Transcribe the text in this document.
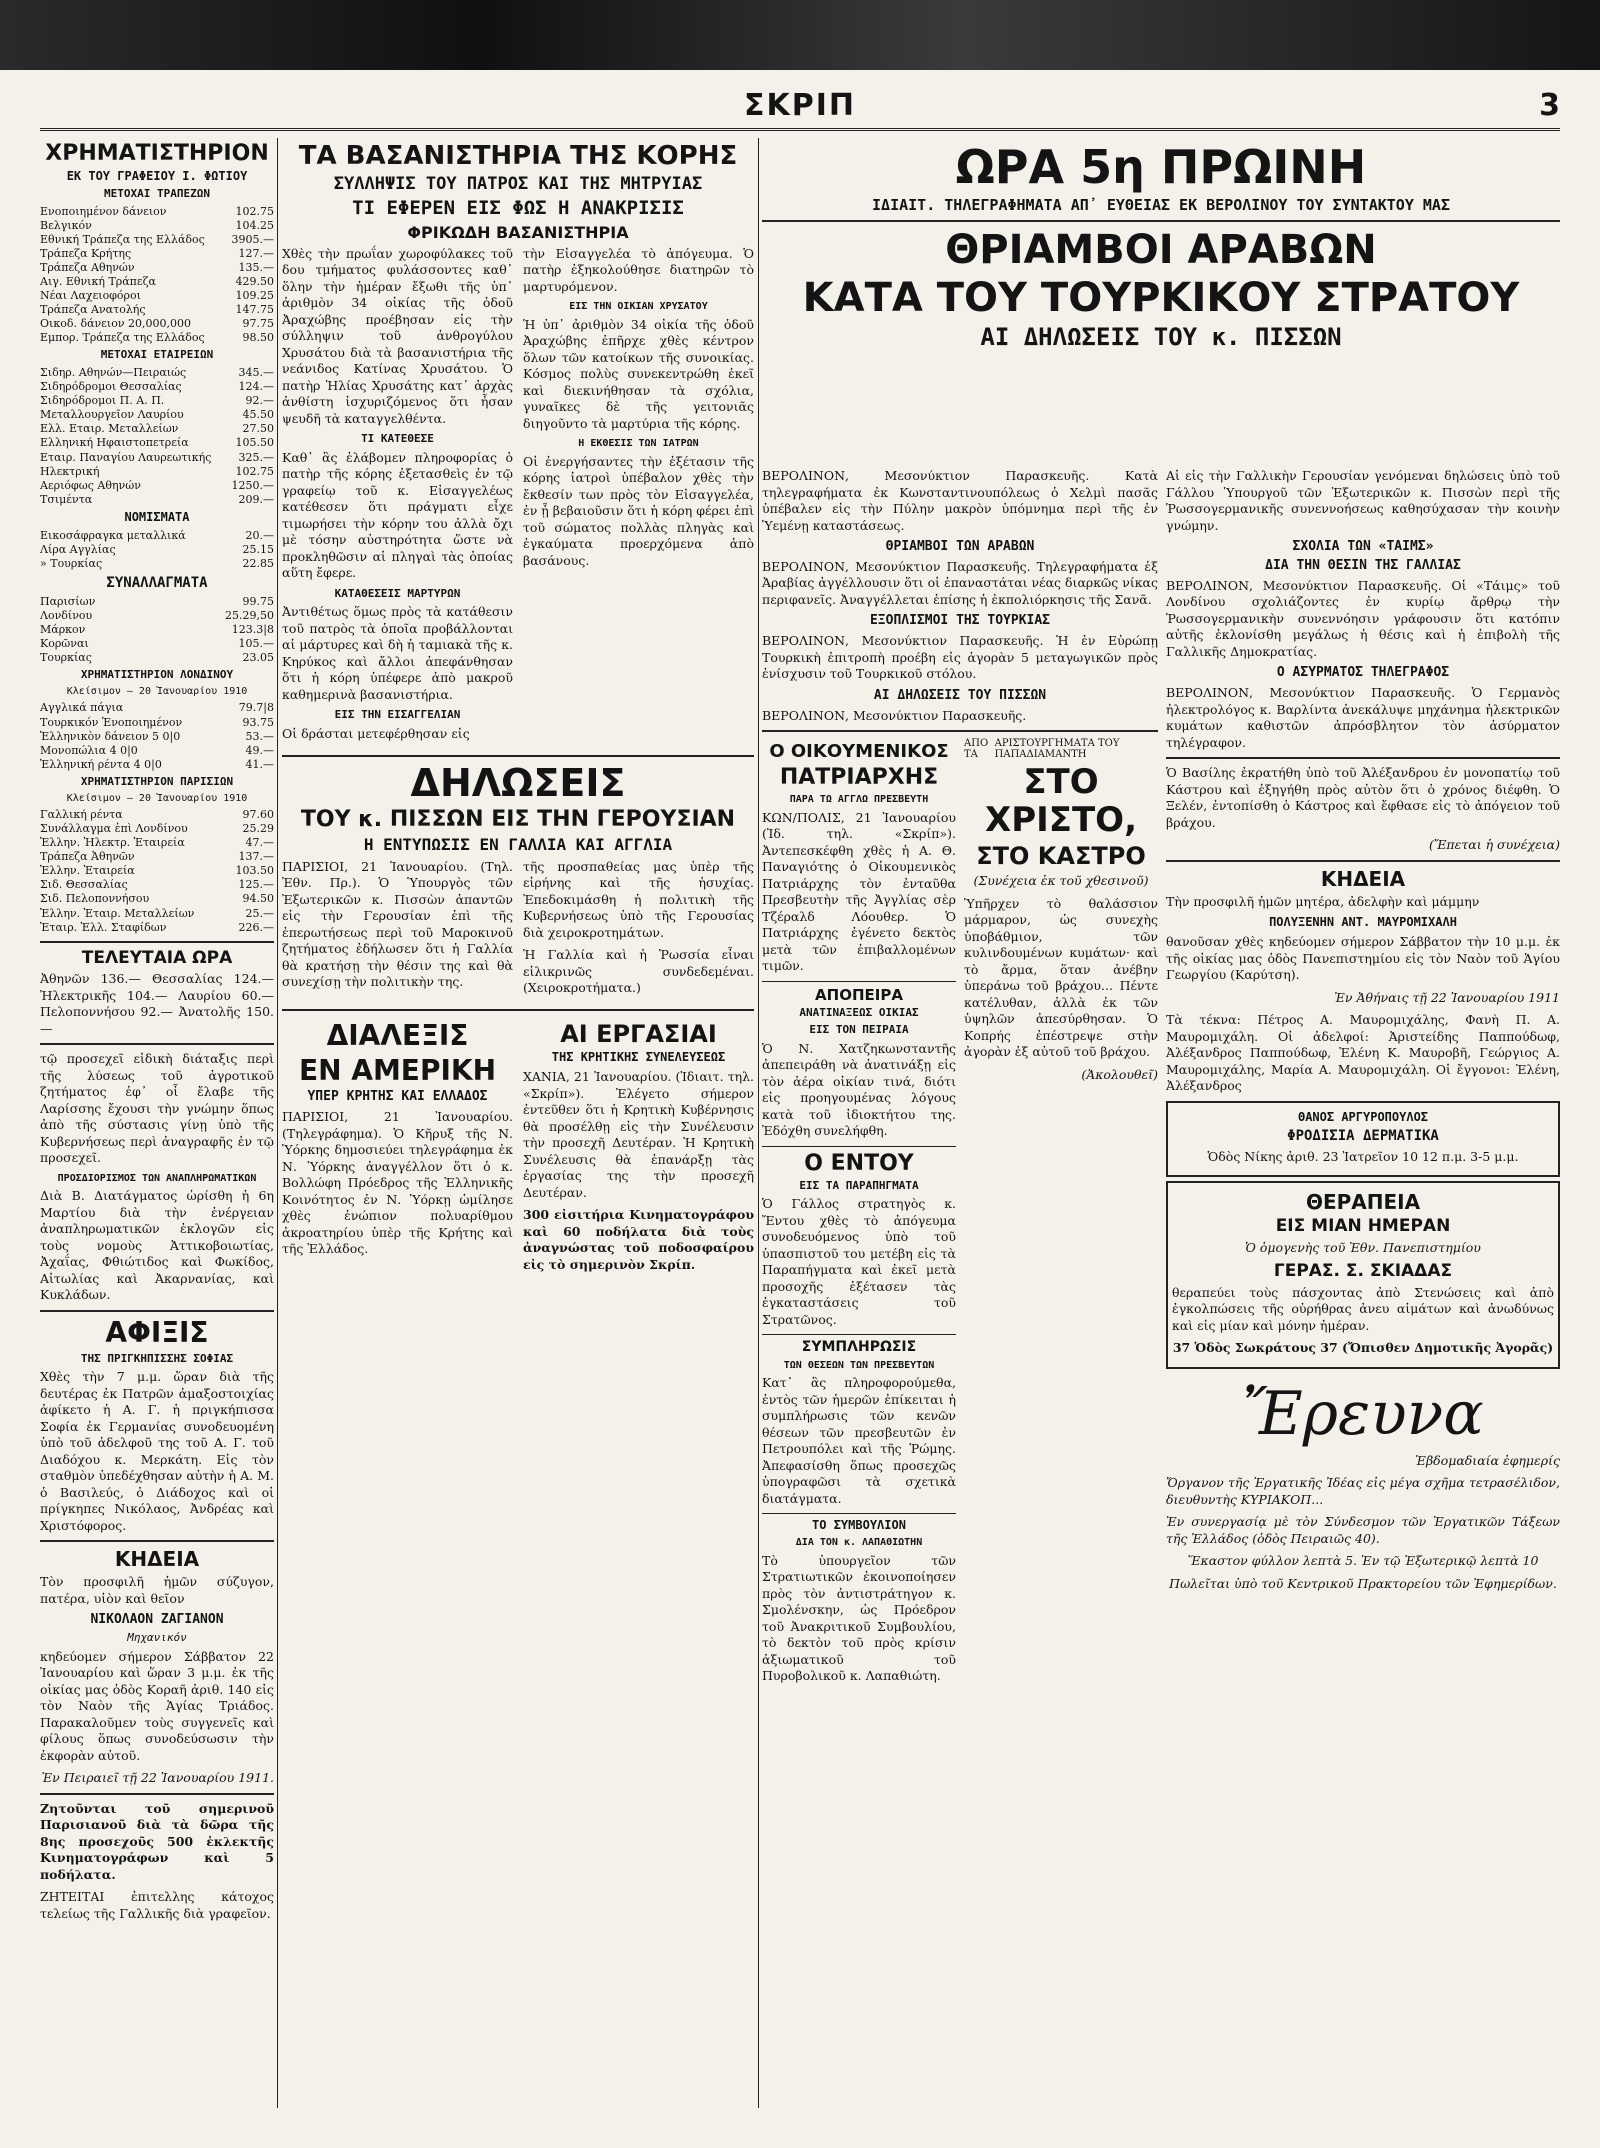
ΣΚΡΙΠ	3
ΧΡΗΜΑΤΙΣΤΗΡΙΟΝ
ΕΚ ΤΟΥ ΓΡΑΦΕΙΟΥ Ι. ΦΩΤΙΟΥ
ΜΕΤΟΧΑΙ ΤΡΑΠΕΖΩΝ
Ενοποιημένον δάνειον	102.75
Βελγικόν	104.25
Εθνική Τράπεζα της Ελλάδος	3905.—
Τράπεζα Κρήτης	127.—
Τράπεζα Αθηνών	135.—
Αιγ. Εθνική Τράπεζα	429.50
Νέαι Λαχειοφόροι	109.25
Τράπεζα Ανατολής	147.75
Οικοδ. δάνειον 20,000,000	97.75
Εμπορ. Τράπεζα της Ελλάδος	98.50
ΜΕΤΟΧΑΙ ΕΤΑΙΡΕΙΩΝ
Σιδηρ. Αθηνών—Πειραιώς	345.—
Σιδηρόδρομοι Θεσσαλίας	124.—
Σιδηρόδρομοι Π. Α. Π.	92.—
Μεταλλουργεῖον Λαυρίου	45.50
Ελλ. Εταιρ. Μεταλλείων	27.50
Ελληνική Ηφαιστοπετρεία	105.50
Εταιρ. Παναγίου Λαυρεωτικής	325.—
Ηλεκτρική	102.75
Αεριόφως Αθηνών	1250.—
Τσιμέντα	209.—
ΝΟΜΙΣΜΑΤΑ
Εικοσάφραγκα μεταλλικά	20.—
Λίρα Αγγλίας	25.15
» Τουρκίας	22.85
ΣΥΝΑΛΛΑΓΜΑΤΑ
Παρισίων	99.75
Λονδίνου	25.29,50
Μάρκον	123.3|8
Κορῶναι	105.—
Τουρκίας	23.05
ΧΡΗΜΑΤΙΣΤΗΡΙΟΝ ΛΟΝΔΙΝΟΥ
Κλείσιμον — 20 Ἰανουαρίου 1910
Αγγλικά πάγια	79.7|8
Τουρκικόν Ἑνοποιημένον	93.75
Ἑλληνικὸν δάνειον 5 0|0	53.—
Μονοπώλια 4 0|0	49.—
Ἑλληνική ρέντα 4 0|0	41.—
ΧΡΗΜΑΤΙΣΤΗΡΙΟΝ ΠΑΡΙΣΙΩΝ
Κλείσιμον — 20 Ἰανουαρίου 1910
Γαλλική ρέντα	97.60
Συνάλλαγμα ἐπὶ Λονδίνου	25.29
Ἐλλην. Ἠλεκτρ. Ἐταιρεία	47.—
Τράπεζα Ἀθηνῶν	137.—
Ἐλλην. Ἐταιρεία	103.50
Σιδ. Θεσσαλίας	125.—
Σιδ. Πελοποννήσου	94.50
Ἐλλην. Ἐταιρ. Μεταλλείων	25.—
Ἐταιρ. Ἑλλ. Σταφίδων	226.—
ΤΕΛΕΥΤΑΙΑ ΩΡΑ

Ἀθηνῶν 136.— Θεσσαλίας 124.— Ἠλεκτρικῆς 104.— Λαυρίου 60.— Πελοποννήσου 92.— Ἀνατολῆς 150.—

τῷ προσεχεῖ εἰδικὴ διάταξις περὶ τῆς λύσεως τοῦ ἀγροτικοῦ ζητήματος ἐφ᾿ οἷ ἔλαβε τῆς Λαρίσσης ἔχουσι τὴν γνώμην ὅπως ἀπὸ τῆς σύστασις γίνῃ ὑπὸ τῆς Κυβερνήσεως περὶ ἀναγραφῆς ἐν τῷ προσεχεῖ.

ΠΡΟΣΔΙΟΡΙΣΜΟΣ ΤΩΝ ΑΝΑΠΛΗΡΩΜΑΤΙΚΩΝ

Διὰ Β. Διατάγματος ὡρίσθη ἡ 6η Μαρτίου διὰ τὴν ἐνέργειαν ἀναπληρωματικῶν ἐκλογῶν εἰς τοὺς νομοὺς Ἀττικοβοιωτίας, Ἀχαΐας, Φθιώτιδος καὶ Φωκίδος, Αἰτωλίας καὶ Ἀκαρνανίας, καὶ Κυκλάδων.

ΑΦΙΞΙΣ
ΤΗΣ ΠΡΙΓΚΗΠΙΣΣΗΣ ΣΟΦΙΑΣ

Χθὲς τὴν 7 μ.μ. ὥραν διὰ τῆς δευτέρας ἐκ Πατρῶν ἀμαξοστοιχίας ἀφίκετο ἡ Α. Γ. ἡ πριγκήπισσα Σοφία ἐκ Γερμανίας συνοδευομένη ὑπὸ τοῦ ἀδελφοῦ της τοῦ Α. Γ. τοῦ Διαδόχου κ. Μερκάτη. Εἰς τὸν σταθμὸν ὑπεδέχθησαν αὐτὴν ἡ Α. Μ. ὁ Βασιλεύς, ὁ Διάδοχος καὶ οἱ πρίγκηπες Νικόλαος, Ἀνδρέας καὶ Χριστόφορος.

ΚΗΔΕΙΑ

Τὸν προσφιλῆ ἡμῶν σύζυγον, πατέρα, υἱὸν καὶ θεῖον

ΝΙΚΟΛΑΟΝ ΖΑΓΙΑΝΟΝ
Μηχανικόν

κηδεύομεν σήμερον Σάββατον 22 Ἰανουαρίου καὶ ὥραν 3 μ.μ. ἐκ τῆς οἰκίας μας ὁδὸς Κοραῆ ἀριθ. 140 εἰς τὸν Ναὸν τῆς Ἁγίας Τριάδος. Παρακαλοῦμεν τοὺς συγγενεῖς καὶ φίλους ὅπως συνοδεύσωσιν τὴν ἐκφορὰν αὐτοῦ.

Ἐν Πειραιεῖ τῇ 22 Ἰανουαρίου 1911.

Ζητοῦνται τοῦ σημερινοῦ Παρισιανοῦ διὰ τὰ δῶρα τῆς 8ης προσεχοῦς 500 ἐκλεκτῆς Κινηματογράφων καὶ 5 ποδήλατα.

ΖΗΤΕΙΤΑΙ ἐπιτελλης κάτοχος τελείως τῆς Γαλλικῆς διὰ γραφεῖον.

ΤΑ ΒΑΣΑΝΙΣΤΗΡΙΑ ΤΗΣ ΚΟΡΗΣ
ΣΥΛΛΗΨΙΣ ΤΟΥ ΠΑΤΡΟΣ ΚΑΙ ΤΗΣ ΜΗΤΡΥΙΑΣ
ΤΙ ΕΦΕΡΕΝ ΕΙΣ ΦΩΣ Η ΑΝΑΚΡΙΣΙΣ
ΦΡΙΚΩΔΗ ΒΑΣΑΝΙΣΤΗΡΙΑ

Χθὲς τὴν πρωΐαν χωροφύλακες τοῦ δου τμήματος φυλάσσοντες καθ᾿ ὅλην τὴν ἡμέραν ἔξωθι τῆς ὑπ᾿ ἀριθμὸν 34 οἰκίας τῆς ὁδοῦ Ἀραχώβης προέβησαν εἰς τὴν σύλληψιν τοῦ ἀνθρογύλου Χρυσάτου διὰ τὰ βασανιστήρια τῆς νεάνιδος Κατίνας Χρυσάτου. Ὁ πατὴρ Ἠλίας Χρυσάτης κατ᾿ ἀρχὰς ἀνθίστη ἰσχυριζόμενος ὅτι ἦσαν ψευδῆ τὰ καταγγελθέντα.

ΤΙ ΚΑΤΕΘΕΣΕ

Καθ᾿ ἃς ἐλάβομεν πληροφορίας ὁ πατὴρ τῆς κόρης ἐξετασθεὶς ἐν τῷ γραφείῳ τοῦ κ. Εἰσαγγελέως κατέθεσεν ὅτι πράγματι εἶχε τιμωρήσει τὴν κόρην του ἀλλὰ ὄχι μὲ τόσην αὐστηρότητα ὥστε νὰ προκληθῶσιν αἱ πληγαὶ τὰς ὁποίας αὕτη ἔφερε.

ΚΑΤΑΘΕΣΕΙΣ ΜΑΡΤΥΡΩΝ

Ἀντιθέτως ὅμως πρὸς τὰ κατάθεσιν τοῦ πατρὸς τὰ ὁποῖα προβάλλονται αἱ μάρτυρες καὶ δὴ ἡ ταμιακὰ τῆς κ. Κηρύκος καὶ ἄλλοι ἀπεφάνθησαν ὅτι ἡ κόρη ὑπέφερε ἀπὸ μακροῦ καθημερινὰ βασανιστήρια.

ΕΙΣ ΤΗΝ ΕΙΣΑΓΓΕΛΙΑΝ

Οἱ δράσται μετεφέρθησαν εἰς

τὴν Εἰσαγγελέα τὸ ἀπόγευμα. Ὁ πατὴρ ἐξηκολούθησε διατηρῶν τὸ μαρτυρόμενον.

ΕΙΣ ΤΗΝ ΟΙΚΙΑΝ ΧΡΥΣΑΤΟΥ

Ἡ ὑπ᾿ ἀριθμὸν 34 οἰκία τῆς ὁδοῦ Ἀραχώβης ἐπῆρχε χθὲς κέντρον ὅλων τῶν κατοίκων τῆς συνοικίας. Κόσμος πολὺς συνεκεντρώθη ἐκεῖ καὶ διεκινήθησαν τὰ σχόλια, γυναῖκες δὲ τῆς γειτονιᾶς διηγοῦντο τὰ μαρτύρια τῆς κόρης.

Η ΕΚΘΕΣΙΣ ΤΩΝ ΙΑΤΡΩΝ

Οἱ ἐνεργήσαντες τὴν ἐξέτασιν τῆς κόρης ἰατροὶ ὑπέβαλον χθὲς τὴν ἔκθεσίν των πρὸς τὸν Εἰσαγγελέα, ἐν ᾗ βεβαιοῦσιν ὅτι ἡ κόρη φέρει ἐπὶ τοῦ σώματος πολλὰς πληγὰς καὶ ἐγκαύματα προερχόμενα ἀπὸ βασάνους.

ΔΗΛΩΣΕΙΣ
ΤΟΥ κ. ΠΙΣΣΩΝ ΕΙΣ ΤΗΝ ΓΕΡΟΥΣΙΑΝ
Η ΕΝΤΥΠΩΣΙΣ ΕΝ ΓΑΛΛΙΑ ΚΑΙ ΑΓΓΛΙΑ

ΠΑΡΙΣΙΟΙ, 21 Ἰανουαρίου. (Τηλ. Ἐθν. Πρ.). Ὁ Ὑπουργὸς τῶν Ἐξωτερικῶν κ. Πισσὼν ἀπαντῶν εἰς τὴν Γερουσίαν ἐπὶ τῆς ἐπερωτήσεως περὶ τοῦ Μαροκινοῦ ζητήματος ἐδήλωσεν ὅτι ἡ Γαλλία θὰ κρατήσῃ τὴν θέσιν της καὶ θὰ συνεχίσῃ τὴν πολιτικὴν της.

τῆς προσπαθείας μας ὑπὲρ τῆς εἰρήνης καὶ τῆς ἡσυχίας. Ἐπεδοκιμάσθη ἡ πολιτικὴ τῆς Κυβερνήσεως ὑπὸ τῆς Γερουσίας διὰ χειροκροτημάτων.

Ἡ Γαλλία καὶ ἡ Ῥωσσία εἶναι εἰλικρινῶς συνδεδεμέναι. (Χειροκροτήματα.)

ΔΙΑΛΕΞΙΣ
ΕΝ ΑΜΕΡΙΚΗ
ΥΠΕΡ ΚΡΗΤΗΣ ΚΑΙ ΕΛΛΑΔΟΣ

ΠΑΡΙΣΙΟΙ, 21 Ἰανουαρίου. (Τηλεγράφημα). Ὁ Κῆρυξ τῆς Ν. Ὑόρκης δημοσιεύει τηλεγράφημα ἐκ Ν. Ὑόρκης ἀναγγέλλον ὅτι ὁ κ. Βολλώφη Πρόεδρος τῆς Ἑλληνικῆς Κοινότητος ἐν Ν. Ὑόρκῃ ὡμίλησε χθὲς ἐνώπιον πολυαρίθμου ἀκροατηρίου ὑπὲρ τῆς Κρήτης καὶ τῆς Ἑλλάδος.

ΑΙ ΕΡΓΑΣΙΑΙ
ΤΗΣ ΚΡΗΤΙΚΗΣ ΣΥΝΕΛΕΥΣΕΩΣ

ΧΑΝΙΑ, 21 Ἰανουαρίου. (Ἰδιαιτ. τηλ. «Σκρίπ»). Ἐλέγετο σήμερον ἐντεῦθεν ὅτι ἡ Κρητικὴ Κυβέρνησις θὰ προσέλθῃ εἰς τὴν Συνέλευσιν τὴν προσεχῆ Δευτέραν. Ἡ Κρητικὴ Συνέλευσις θὰ ἐπανάρξῃ τὰς ἐργασίας της τὴν προσεχῆ Δευτέραν.

300 εἰσιτήρια Κινηματογράφου καὶ 60 ποδήλατα διὰ τοὺς ἀναγνώστας τοῦ ποδοσφαίρου εἰς τὸ σημερινὸν Σκρίπ.

ΩΡΑ 5η ΠΡΩΙΝΗ
ΙΔΙΑΙΤ. ΤΗΛΕΓΡΑΦΗΜΑΤΑ ΑΠ᾿ ΕΥΘΕΙΑΣ ΕΚ ΒΕΡΟΛΙΝΟΥ ΤΟΥ ΣΥΝΤΑΚΤΟΥ ΜΑΣ
ΘΡΙΑΜΒΟΙ ΑΡΑΒΩΝ
ΚΑΤΑ ΤΟΥ ΤΟΥΡΚΙΚΟΥ ΣΤΡΑΤΟΥ
ΑΙ ΔΗΛΩΣΕΙΣ ΤΟΥ κ. ΠΙΣΣΩΝ

ΒΕΡΟΛΙΝΟΝ, Μεσονύκτιον Παρασκευῆς. Κατὰ τηλεγραφήματα ἐκ Κωνσταντινουπόλεως ὁ Χελμὶ πασᾶς ὑπέβαλεν εἰς τὴν Πύλην μακρὸν ὑπόμνημα περὶ τῆς ἐν Ὑεμένῃ καταστάσεως.

ΘΡΙΑΜΒΟΙ ΤΩΝ ΑΡΑΒΩΝ

ΒΕΡΟΛΙΝΟΝ, Μεσονύκτιον Παρασκευῆς. Τηλεγραφήματα ἐξ Ἀραβίας ἀγγέλλουσιν ὅτι οἱ ἐπαναστάται νέας διαρκῶς νίκας περιφανεῖς. Ἀναγγέλλεται ἐπίσης ἡ ἐκπολιόρκησις τῆς Σανᾶ.

ΕΞΟΠΛΙΣΜΟΙ ΤΗΣ ΤΟΥΡΚΙΑΣ

ΒΕΡΟΛΙΝΟΝ, Μεσονύκτιον Παρασκευῆς. Ἡ ἐν Εὐρώπῃ Τουρκικὴ ἐπιτροπὴ προέβη εἰς ἀγορὰν 5 μεταγωγικῶν πρὸς ἐνίσχυσιν τοῦ Τουρκικοῦ στόλου.

ΑΙ ΔΗΛΩΣΕΙΣ ΤΟΥ ΠΙΣΣΩΝ

ΒΕΡΟΛΙΝΟΝ, Μεσονύκτιον Παρασκευῆς.

Ο ΟΙΚΟΥΜΕΝΙΚΟΣ
ΠΑΤΡΙΑΡΧΗΣ
ΠΑΡΑ ΤΩ ΑΓΓΛΩ ΠΡΕΣΒΕΥΤΗ

ΚΩΝ/ΠΟΛΙΣ, 21 Ἰανουαρίου (Ἰδ. τηλ. «Σκρίπ»). Ἀντεπεσκέφθη χθὲς ἡ Α. Θ. Παναγιότης ὁ Οἰκουμενικὸς Πατριάρχης τὸν ἐνταῦθα Πρεσβευτὴν τῆς Ἀγγλίας σὲρ Τζέραλδ Λόουθερ. Ὁ Πατριάρχης ἐγένετο δεκτὸς μετὰ τῶν ἐπιβαλλομένων τιμῶν.

ΑΠΟΠΕΙΡΑ
ΑΝΑΤΙΝΑΞΕΩΣ ΟΙΚΙΑΣ
ΕΙΣ ΤΟΝ ΠΕΙΡΑΙΑ

Ὁ Ν. Χατζηκωνσταντῆς ἀπεπειράθη νὰ ἀνατινάξῃ εἰς τὸν ἀέρα οἰκίαν τινά, διότι εἰς προηγουμένας λόγους κατὰ τοῦ ἰδιοκτήτου της. Ἐδόχθη συνελήφθη.

Ο ΕΝΤΟΥ
ΕΙΣ ΤΑ ΠΑΡΑΠΗΓΜΑΤΑ

Ὁ Γάλλος στρατηγὸς κ. Ἔντου χθὲς τὸ ἀπόγευμα συνοδευόμενος ὑπὸ τοῦ ὑπασπιστοῦ του μετέβη εἰς τὰ Παραπήγματα καὶ ἐκεῖ μετὰ προσοχῆς ἐξέτασεν τὰς ἐγκαταστάσεις τοῦ Στρατῶνος.

ΣΥΜΠΛΗΡΩΣΙΣ
ΤΩΝ ΘΕΣΕΩΝ ΤΩΝ ΠΡΕΣΒΕΥΤΩΝ

Κατ᾿ ἃς πληροφορούμεθα, ἐντὸς τῶν ἡμερῶν ἐπίκειται ἡ συμπλήρωσις τῶν κενῶν θέσεων τῶν πρεσβευτῶν ἐν Πετρουπόλει καὶ τῆς Ῥώμης. Ἀπεφασίσθη ὅπως προσεχῶς ὑπογραφῶσι τὰ σχετικὰ διατάγματα.

ΤΟ ΣΥΜΒΟΥΛΙΟΝ
ΔΙΑ ΤΟΝ κ. ΛΑΠΑΘΙΩΤΗΝ

Τὸ ὑπουργεῖον τῶν Στρατιωτικῶν ἐκοινοποίησεν πρὸς τὸν ἀντιστράτηγον κ. Σμολένσκην, ὡς Πρόεδρον τοῦ Ἀνακριτικοῦ Συμβουλίου, τὸ δεκτὸν τοῦ πρὸς κρίσιν ἀξιωματικοῦ τοῦ Πυροβολικοῦ κ. Λαπαθιώτη.

ΑΠΟ ΤΑ
ΑΡΙΣΤΟΥΡΓΗΜΑΤΑ ΤΟΥ ΠΑΠΑΔΙΑΜΑΝΤΗ
ΣΤΟ ΧΡΙΣΤΟ,
ΣΤΟ ΚΑΣΤΡΟ

(Συνέχεια ἐκ τοῦ χθεσινοῦ)

Ὑπῆρχεν τὸ θαλάσσιον μάρμαρον, ὡς συνεχὴς ὑποβάθμιον, τῶν κυλινδουμένων κυμάτων· καὶ τὸ ἄρμα, ὅταν ἀνέβην ὑπεράνω τοῦ βράχου... Πέντε κατέλυθαν, ἀλλὰ ἐκ τῶν ὑψηλῶν ἀπεσύρθησαν. Ὁ Κοπρής ἐπέστρεψε στὴν ἀγορὰν ἐξ αὐτοῦ τοῦ βράχου.

(Ἀκολουθεῖ)

Αἱ εἰς τὴν Γαλλικὴν Γερουσίαν γενόμεναι δηλώσεις ὑπὸ τοῦ Γάλλου Ὑπουργοῦ τῶν Ἐξωτερικῶν κ. Πισσὼν περὶ τῆς Ῥωσσογερμανικῆς συνεννοήσεως καθησύχασαν τὴν κοινὴν γνώμην.

ΣΧΟΛΙΑ ΤΩΝ «ΤΑΙΜΣ»
ΔΙΑ ΤΗΝ ΘΕΣΙΝ ΤΗΣ ΓΑΛΛΙΑΣ

ΒΕΡΟΛΙΝΟΝ, Μεσονύκτιον Παρασκευῆς. Οἱ «Τάιμς» τοῦ Λονδίνου σχολιάζοντες ἐν κυρίῳ ἄρθρῳ τὴν Ῥωσσογερμανικὴν συνεννόησιν γράφουσιν ὅτι κατόπιν αὐτῆς ἐκλονίσθη μεγάλως ἡ θέσις καὶ ἡ ἐπιβολὴ τῆς Γαλλικῆς Δημοκρατίας.

Ο ΑΣΥΡΜΑΤΟΣ ΤΗΛΕΓΡΑΦΟΣ

ΒΕΡΟΛΙΝΟΝ, Μεσονύκτιον Παρασκευῆς. Ὁ Γερμανὸς ἠλεκτρολόγος κ. Βαρλίντα ἀνεκάλυψε μηχάνημα ἠλεκτρικῶν κυμάτων καθιστῶν ἀπρόσβλητον τὸν ἀσύρματον τηλέγραφον.

Ὁ Βασίλης ἐκρατήθη ὑπὸ τοῦ Ἀλέξανδρου ἐν μονοπατίῳ τοῦ Κάστρου καὶ ἐξηγήθη πρὸς αὐτὸν ὅτι ὁ χρόνος διέφθη. Ὁ Ξελέν, ἐντοπίσθη ὁ Κάστρος καὶ ἔφθασε εἰς τὸ ἀπόγειον τοῦ βράχου.

(Ἔπεται ἡ συνέχεια)

ΚΗΔΕΙΑ

Τὴν προσφιλῆ ἡμῶν μητέρα, ἀδελφὴν καὶ μάμμην

ΠΟΛΥΞΕΝΗΝ ΑΝΤ. ΜΑΥΡΟΜΙΧΑΛΗ

θανοῦσαν χθὲς κηδεύομεν σήμερον Σάββατον τὴν 10 μ.μ. ἐκ τῆς οἰκίας μας ὁδὸς Πανεπιστημίου εἰς τὸν Ναὸν τοῦ Ἁγίου Γεωργίου (Καρύτση).

Ἐν Ἀθήναις τῇ 22 Ἰανουαρίου 1911

Τὰ τέκνα: Πέτρος Α. Μαυρομιχάλης, Φανὴ Π. Α. Μαυρομιχάλη. Οἱ ἀδελφοί: Ἀριστείδης Παππούδωφ, Ἀλέξανδρος Παππούδωφ, Ἑλένη Κ. Μαυροβῆ, Γεώργιος Α. Μαυρομιχάλης, Μαρία Α. Μαυρομιχάλη. Οἱ ἔγγονοι: Ἑλένη, Ἀλέξανδρος

ΘΑΝΟΣ ΑΡΓΥΡΟΠΟΥΛΟΣ
ΦΡΟΔΙΣΙΑ ΔΕΡΜΑΤΙΚΑ

Ὁδὸς Νίκης ἀριθ. 23 Ἰατρεῖον 10 12 π.μ. 3-5 μ.μ.

ΘΕΡΑΠΕΙΑ
ΕΙΣ ΜΙΑΝ ΗΜΕΡΑΝ

Ὁ ὁμογενὴς τοῦ Ἐθν. Πανεπιστημίου

ΓΕΡΑΣ. Σ. ΣΚΙΑΔΑΣ

θεραπεύει τοὺς πάσχοντας ἀπὸ Στενώσεις καὶ ἀπὸ ἐγκολπώσεις τῆς οὐρήθρας ἀνευ αἱμάτων καὶ ἀνωδύνως καὶ εἰς μίαν καὶ μόνην ἡμέραν.

37 Ὁδὸς Σωκράτους 37 (Ὄπισθεν Δημοτικῆς Ἀγορᾶς)

Ἔρευνα

Ἑβδομαδιαία ἐφημερίς

Ὄργανον τῆς Ἐργατικῆς Ἰδέας εἰς μέγα σχῆμα τετρασέλιδον, διευθυντὴς ΚΥΡΙΑΚΟΠ...

Ἐν συνεργασίᾳ μὲ τὸν Σύνδεσμον τῶν Ἐργατικῶν Τάξεων τῆς Ἑλλάδος (ὁδὸς Πειραιῶς 40).

Ἕκαστον φύλλον λεπτὰ 5. Ἐν τῷ Ἐξωτερικῷ λεπτὰ 10

Πωλεῖται ὑπὸ τοῦ Κεντρικοῦ Πρακτορείου τῶν Ἐφημερίδων.
